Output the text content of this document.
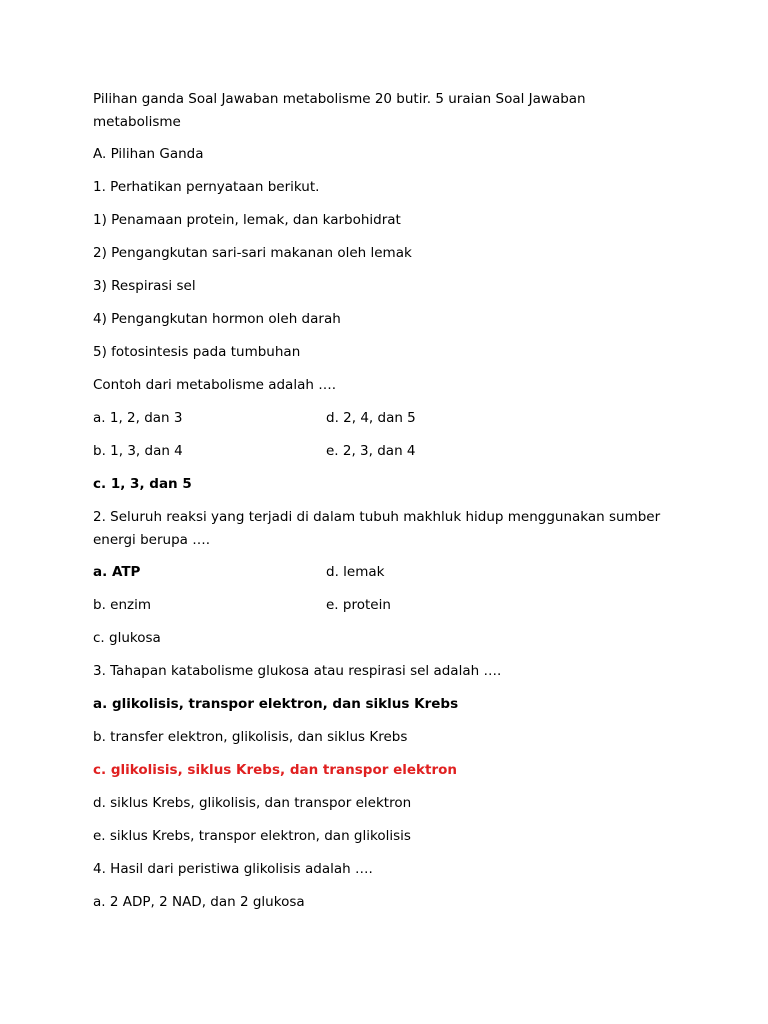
Pilihan ganda Soal Jawaban metabolisme 20 butir. 5 uraian Soal Jawaban metabolisme
A. Pilihan Ganda
1. Perhatikan pernyataan berikut.
1) Penamaan protein, lemak, dan karbohidrat
2) Pengangkutan sari-sari makanan oleh lemak
3) Respirasi sel
4) Pengangkutan hormon oleh darah
5) fotosintesis pada tumbuhan
Contoh dari metabolisme adalah ….
a. 1, 2, dan 3	d. 2, 4, dan 5
b. 1, 3, dan 4	e. 2, 3, dan 4
c. 1, 3, dan 5
2. Seluruh reaksi yang terjadi di dalam tubuh makhluk hidup menggunakan sumber energi berupa ….
a. ATP	d. lemak
b. enzim	e. protein
c. glukosa
3. Tahapan katabolisme glukosa atau respirasi sel adalah ….
a. glikolisis, transpor elektron, dan siklus Krebs
b. transfer elektron, glikolisis, dan siklus Krebs
c. glikolisis, siklus Krebs, dan transpor elektron
d. siklus Krebs, glikolisis, dan transpor elektron
e. siklus Krebs, transpor elektron, dan glikolisis
4. Hasil dari peristiwa glikolisis adalah ….
a. 2 ADP, 2 NAD, dan 2 glukosa
